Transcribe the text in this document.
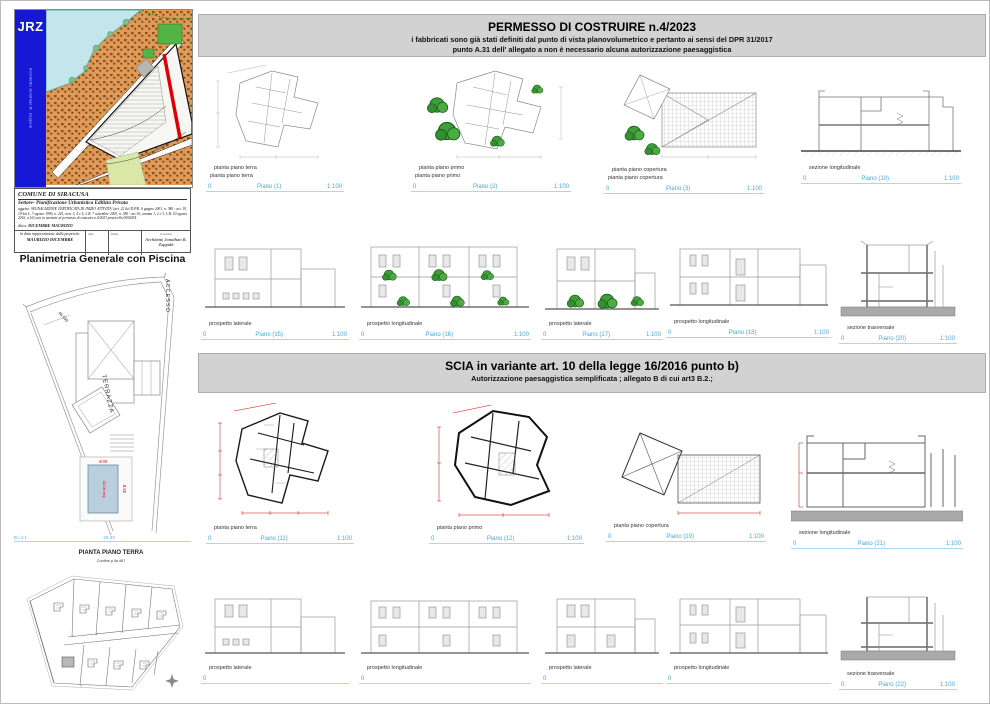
JRZ
Architetto Jonathan R. Zappalà
COMUNE DI SIRACUSA
Settore- Pianificazione Urbanistica Edilizia Privata
oggetto: SEGNALAZIONE CERTIFICATA DI INIZIO ATTIVITA' (art. 22 del D.P.R. 6 giugno 2001, n. 380 - art. 19, 19-bis L. 7 agosto 1990, n. 241; artt. 3, 4 e 5, L.R. 7 settembre 2003, n. 380 - art.10, comma 1, 2 e 3, L.R. 10 agosto 2016, n.16) scia in variante al permesso di costruire n.4/2023 protocollo 0000434.
ditta: DICEMBRE MAURIZIO
la ditta rappresentante dalla proprietà:
MAURIZIO DICEMBRE
data	firma	il tecnico
Architetto Jonathan R. Zappalà
Planimetria Generale con Piscina
4.00
8.00
32.00 mq
ACCESSO
TERRAZZA
46.593
B / 1:1	20-32
PIANTA PIANO TERRA
Confine p.lla 467
PERMESSO DI COSTRUIRE n.4/2023
i fabbricati sono già stati definiti dal punto di vista planovolumetrico e pertanto ai sensi del DPR 31/2017
punto A.31 dell' allegato a non è necessario alcuna autorizzazione paesaggistica
pianta piano terra
pianta piano terra
0	Piano (1)	1:100
pianta piano primo
pianta piano primo
0	Piano (2)	1:100
pianta piano copertura
pianta piano copertura
0	Piano (3)	1:100
sezione longitudinale
0	Piano (10)	1:100
prospetto laterale
0	Piano (15)	1:100
prospetto longitudinale
0	Piano (16)	1:100
prospetto laterale
0	Piano (17)	1:100
prospetto longitudinale
0	Piano (18)	1:100
sezione trasversale
0	Piano (20)	1:100
SCIA in variante art. 10 della legge 16/2016 punto b)
Autorizzazione paesaggistica semplificata ; allegato B di cui art3 B.2.;
pianta piano terra
0	Piano (11)	1:100
pianta piano primo
0	Piano (12)	1:100
pianta piano copertura
0	Piano (19)	1:100
sezione longitudinale
0	Piano (21)	1:100
prospetto laterale
0
prospetto longitudinale
0
prospetto laterale
0
prospetto longitudinale
0
sezione trasversale
0	Piano (22)	1:100
